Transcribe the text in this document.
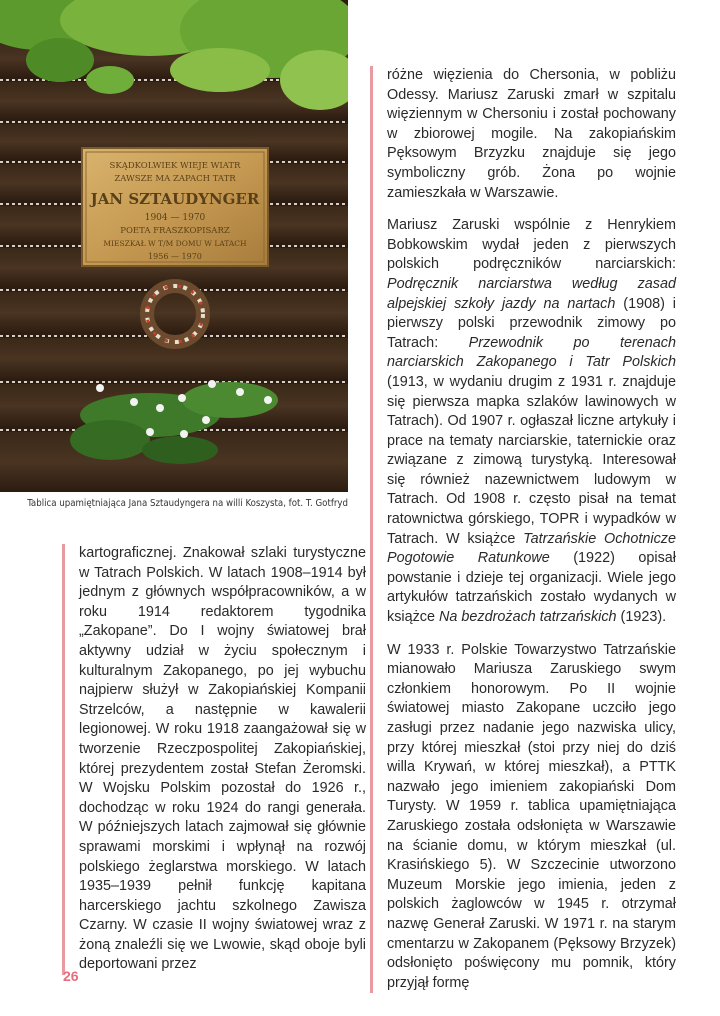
SKĄDKOLWIEK WIEJE WIATR
ZAWSZE MA ZAPACH TATR
JAN SZTAUDYNGER
1904 — 1970
POETA FRASZKOPISARZ
MIESZKAŁ W T/M DOMU W LATACH
1956 — 1970
Tablica upamiętniająca Jana Sztaudyngera na willi Koszysta, fot. T. Gotfryd

kartograficznej. Znakował szlaki turystyczne w Tatrach Polskich. W latach 1908–1914 był jednym z głównych współpracowników, a w roku 1914 redaktorem tygodnika „Zakopane”. Do I wojny światowej brał aktywny udział w życiu społecznym i kulturalnym Zakopanego, po jej wybuchu najpierw służył w Zakopiańskiej Kompanii Strzelców, a następnie w kawalerii legionowej. W roku 1918 zaangażował się w tworzenie Rzeczpospolitej Zakopiańskiej, której prezydentem został Stefan Żeromski. W Wojsku Polskim pozostał do 1926 r., dochodząc w roku 1924 do rangi generała. W późniejszych latach zajmował się głównie sprawami morskimi i wpłynął na rozwój polskiego żeglarstwa morskiego. W latach 1935–1939 pełnił funkcję kapitana harcerskiego jachtu szkolnego Zawisza Czarny. W czasie II wojny światowej wraz z żoną znaleźli się we Lwowie, skąd oboje byli deportowani przez

różne więzienia do Chersonia, w pobliżu Odessy. Mariusz Zaruski zmarł w szpitalu więziennym w Chersoniu i został pochowany w zbiorowej mogile. Na zakopiańskim Pęksowym Brzyzku znajduje się jego symboliczny grób. Żona po wojnie zamieszkała w Warszawie.

Mariusz Zaruski wspólnie z Henrykiem Bobkowskim wydał jeden z pierwszych polskich podręczników narciarskich: Podręcznik narciarstwa według zasad alpejskiej szkoły jazdy na nartach (1908) i pierwszy polski przewodnik zimowy po Tatrach: Przewodnik po terenach narciarskich Zakopanego i Tatr Polskich (1913, w wydaniu drugim z 1931 r. znajduje się pierwsza mapka szlaków lawinowych w Tatrach). Od 1907 r. ogłaszał liczne artykuły i prace na tematy narciarskie, taternickie oraz związane z zimową turystyką. Interesował się również nazewnictwem ludowym w Tatrach. Od 1908 r. często pisał na temat ratownictwa górskiego, TOPR i wypadków w Tatrach. W książce Tatrzańskie Ochotnicze Pogotowie Ratunkowe (1922) opisał powstanie i dzieje tej organizacji. Wiele jego artykułów tatrzańskich zostało wydanych w książce Na bezdrożach tatrzańskich (1923).

W 1933 r. Polskie Towarzystwo Tatrzańskie mianowało Mariusza Zaruskiego swym członkiem honorowym. Po II wojnie światowej miasto Zakopane uczciło jego zasługi przez nadanie jego nazwiska ulicy, przy której mieszkał (stoi przy niej do dziś willa Krywań, w której mieszkał), a PTTK nazwało jego imieniem zakopiański Dom Turysty. W 1959 r. tablica upamiętniająca Zaruskiego została odsłonięta w Warszawie na ścianie domu, w którym mieszkał (ul. Krasińskiego 5). W Szczecinie utworzono Muzeum Morskie jego imienia, jeden z polskich żaglowców w 1945 r. otrzymał nazwę Generał Zaruski. W 1971 r. na starym cmentarzu w Zakopanem (Pęksowy Brzyzek) odsłonięto poświęcony mu pomnik, który przyjął formę

26
